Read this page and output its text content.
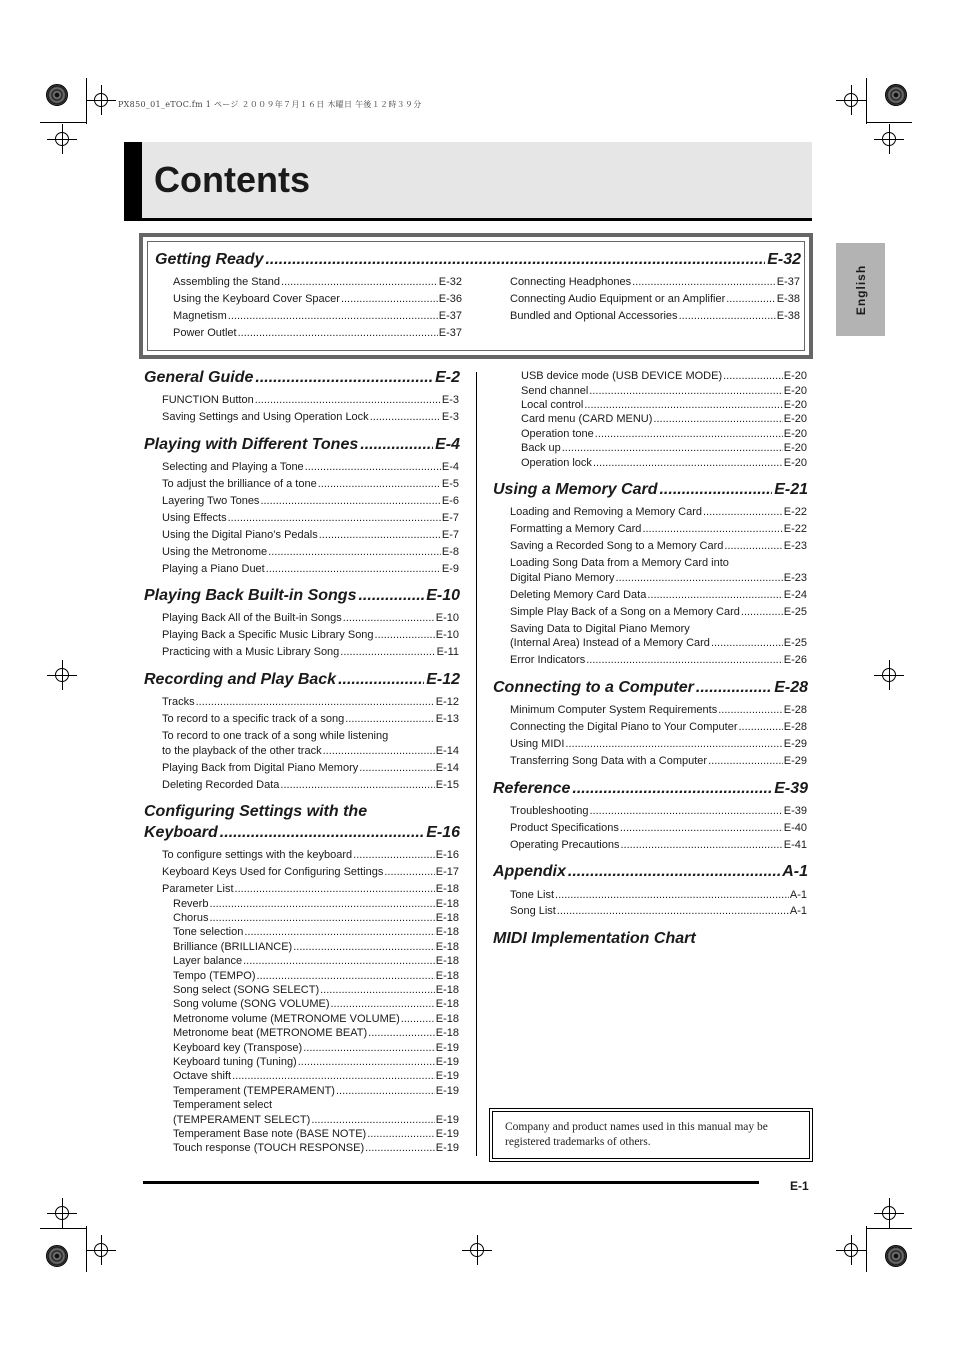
PX850_01_eTOC.fm 1 ページ ２００９年７月１６日 木曜日 午後１２時３９分
Contents
English
Getting Ready .....	E-32
Assembling the Stand .....	E-32
Using the Keyboard Cover Spacer .....	E-36
Magnetism .....	E-37
Power Outlet .....	E-37
Connecting Headphones .....	E-37
Connecting Audio Equipment or an Amplifier .....	E-38
Bundled and Optional Accessories .....	E-38
General Guide .....	E-2
FUNCTION Button .....	E-3
Saving Settings and Using Operation Lock .....	E-3
Playing with Different Tones .....	E-4
Selecting and Playing a Tone .....	E-4
To adjust the brilliance of a tone .....	E-5
Layering Two Tones .....	E-6
Using Effects .....	E-7
Using the Digital Piano’s Pedals .....	E-7
Using the Metronome .....	E-8
Playing a Piano Duet .....	E-9
Playing Back Built-in Songs .....	E-10
Playing Back All of the Built-in Songs .....	E-10
Playing Back a Specific Music Library Song .....	E-10
Practicing with a Music Library Song .....	E-11
Recording and Play Back .....	E-12
Tracks .....	E-12
To record to a specific track of a song .....	E-13
To record to one track of a song while listening
to the playback of the other track .....	E-14
Playing Back from Digital Piano Memory .....	E-14
Deleting Recorded Data .....	E-15
Configuring Settings with the
Keyboard .....	E-16
To configure settings with the keyboard .....	E-16
Keyboard Keys Used for Configuring Settings .....	E-17
Parameter List .....	E-18
Reverb .....	E-18
Chorus .....	E-18
Tone selection .....	E-18
Brilliance (BRILLIANCE) .....	E-18
Layer balance .....	E-18
Tempo (TEMPO) .....	E-18
Song select (SONG SELECT) .....	E-18
Song volume (SONG VOLUME) .....	E-18
Metronome volume (METRONOME VOLUME) .....	E-18
Metronome beat (METRONOME BEAT) .....	E-18
Keyboard key (Transpose) .....	E-19
Keyboard tuning (Tuning) .....	E-19
Octave shift .....	E-19
Temperament (TEMPERAMENT) .....	E-19
Temperament select
(TEMPERAMENT SELECT) .....	E-19
Temperament Base note (BASE NOTE) .....	E-19
Touch response (TOUCH RESPONSE) .....	E-19
USB device mode (USB DEVICE MODE) .....	E-20
Send channel .....	E-20
Local control .....	E-20
Card menu (CARD MENU) .....	E-20
Operation tone .....	E-20
Back up .....	E-20
Operation lock .....	E-20
Using a Memory Card .....	E-21
Loading and Removing a Memory Card .....	E-22
Formatting a Memory Card .....	E-22
Saving a Recorded Song to a Memory Card .....	E-23
Loading Song Data from a Memory Card into
Digital Piano Memory .....	E-23
Deleting Memory Card Data .....	E-24
Simple Play Back of a Song on a Memory Card .....	E-25
Saving Data to Digital Piano Memory
(Internal Area) Instead of a Memory Card .....	E-25
Error Indicators .....	E-26
Connecting to a Computer .....	E-28
Minimum Computer System Requirements .....	E-28
Connecting the Digital Piano to Your Computer .....	E-28
Using MIDI .....	E-29
Transferring Song Data with a Computer .....	E-29
Reference .....	E-39
Troubleshooting .....	E-39
Product Specifications .....	E-40
Operating Precautions .....	E-41
Appendix .....	A-1
Tone List .....	A-1
Song List .....	A-1
MIDI Implementation Chart
Company and product names used in this manual may be registered trademarks of others.
E-1
